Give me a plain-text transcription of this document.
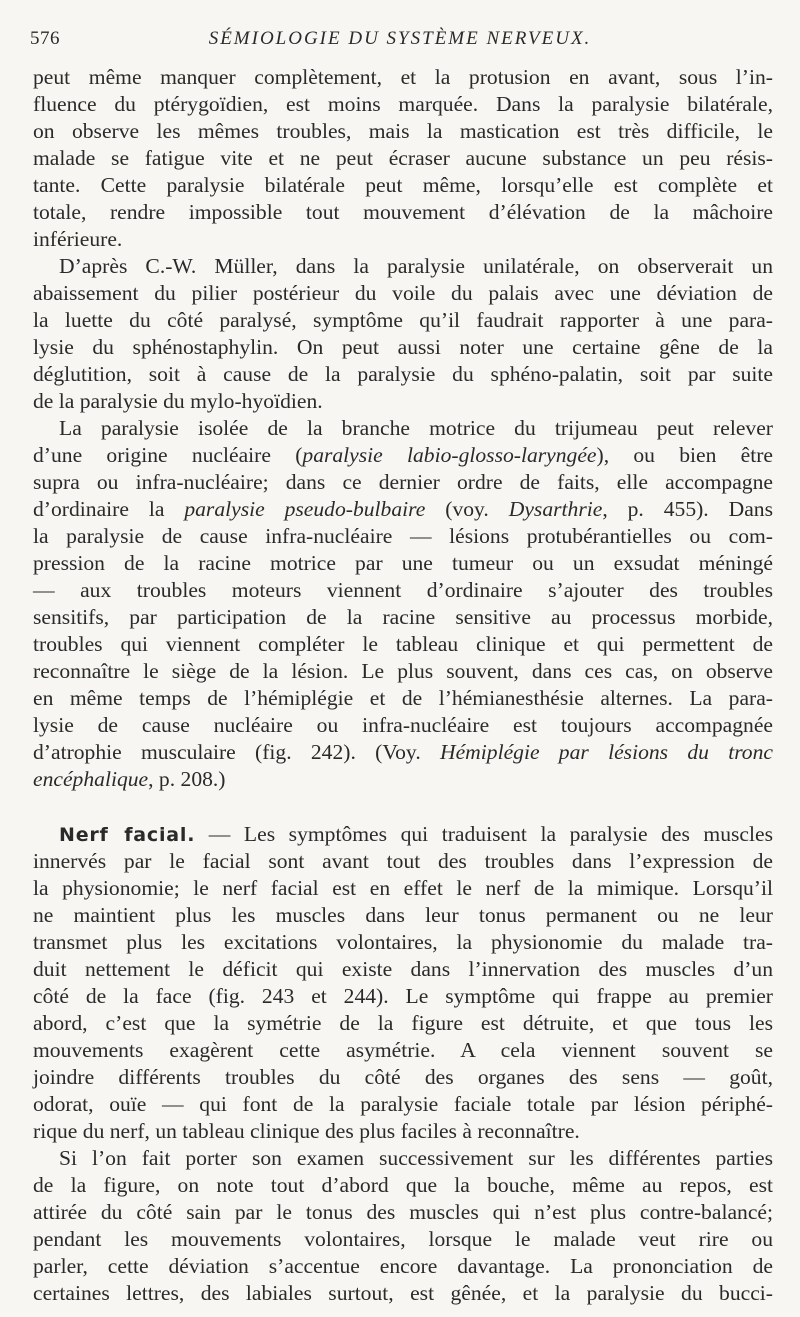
576	SÉMIOLOGIE DU SYSTÈME NERVEUX.
peut même manquer complètement, et la protusion en avant, sous l’in-
fluence du ptérygoïdien, est moins marquée. Dans la paralysie bilatérale,
on observe les mêmes troubles, mais la mastication est très difficile, le
malade se fatigue vite et ne peut écraser aucune substance un peu résis-
tante. Cette paralysie bilatérale peut même, lorsqu’elle est complète et
totale, rendre impossible tout mouvement d’élévation de la mâchoire
inférieure.
D’après C.-W. Müller, dans la paralysie unilatérale, on observerait un
abaissement du pilier postérieur du voile du palais avec une déviation de
la luette du côté paralysé, symptôme qu’il faudrait rapporter à une para-
lysie du sphénostaphylin. On peut aussi noter une certaine gêne de la
déglutition, soit à cause de la paralysie du sphéno-palatin, soit par suite
de la paralysie du mylo-hyoïdien.
La paralysie isolée de la branche motrice du trijumeau peut relever
d’une origine nucléaire (paralysie labio-glosso-laryngée), ou bien être
supra ou infra-nucléaire; dans ce dernier ordre de faits, elle accompagne
d’ordinaire la paralysie pseudo-bulbaire (voy. Dysarthrie, p. 455). Dans
la paralysie de cause infra-nucléaire — lésions protubérantielles ou com-
pression de la racine motrice par une tumeur ou un exsudat méningé
— aux troubles moteurs viennent d’ordinaire s’ajouter des troubles
sensitifs, par participation de la racine sensitive au processus morbide,
troubles qui viennent compléter le tableau clinique et qui permettent de
reconnaître le siège de la lésion. Le plus souvent, dans ces cas, on observe
en même temps de l’hémiplégie et de l’hémianesthésie alternes. La para-
lysie de cause nucléaire ou infra-nucléaire est toujours accompagnée
d’atrophie musculaire (fig. 242). (Voy. Hémiplégie par lésions du tronc
encéphalique, p. 208.)
Nerf facial. — Les symptômes qui traduisent la paralysie des muscles
innervés par le facial sont avant tout des troubles dans l’expression de
la physionomie; le nerf facial est en effet le nerf de la mimique. Lorsqu’il
ne maintient plus les muscles dans leur tonus permanent ou ne leur
transmet plus les excitations volontaires, la physionomie du malade tra-
duit nettement le déficit qui existe dans l’innervation des muscles d’un
côté de la face (fig. 243 et 244). Le symptôme qui frappe au premier
abord, c’est que la symétrie de la figure est détruite, et que tous les
mouvements exagèrent cette asymétrie. A cela viennent souvent se
joindre différents troubles du côté des organes des sens — goût,
odorat, ouïe — qui font de la paralysie faciale totale par lésion périphé-
rique du nerf, un tableau clinique des plus faciles à reconnaître.
Si l’on fait porter son examen successivement sur les différentes parties
de la figure, on note tout d’abord que la bouche, même au repos, est
attirée du côté sain par le tonus des muscles qui n’est plus contre-balancé;
pendant les mouvements volontaires, lorsque le malade veut rire ou
parler, cette déviation s’accentue encore davantage. La prononciation de
certaines lettres, des labiales surtout, est gênée, et la paralysie du bucci-
